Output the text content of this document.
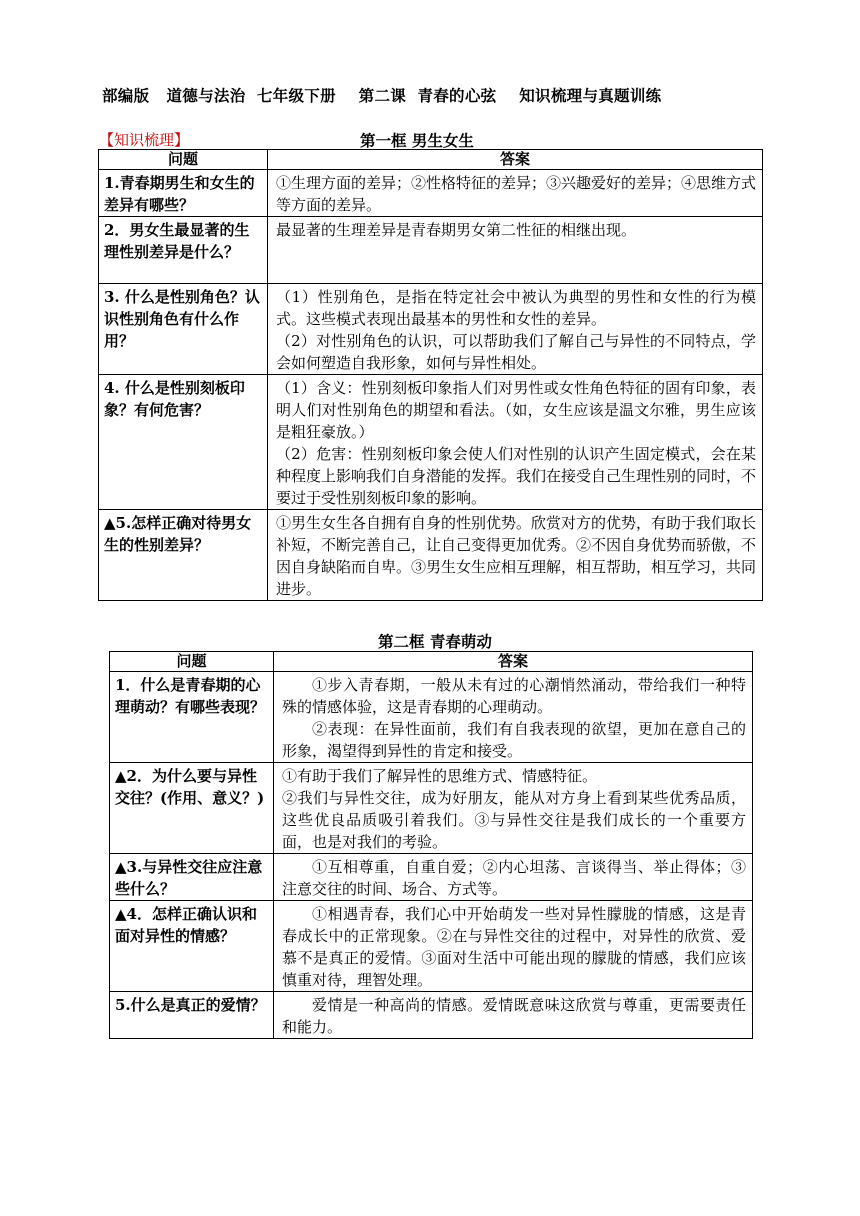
部编版   道德与法治  七年级下册    第二课  青春的心弦    知识梳理与真题训练
【知识梳理】	第一框 男生女生
问题	答案
1.青春期男生和女生的差异有哪些？	①生理方面的差异；②性格特征的差异；③兴趣爱好的差异；④思维方式等方面的差异。

2．男女生最显著的生理性别差异是什么？	最显著的生理差异是青春期男女第二性征的相继出现。

3. 什么是性别角色？认识性别角色有什么作用？	（1）性别角色，是指在特定社会中被认为典型的男性和女性的行为模式。这些模式表现出最基本的男性和女性的差异。

（2）对性别角色的认识，可以帮助我们了解自己与异性的不同特点，学会如何塑造自我形象，如何与异性相处。

4. 什么是性别刻板印象？有何危害？	（1）含义：性别刻板印象指人们对男性或女性角色特征的固有印象，表明人们对性别角色的期望和看法。（如，女生应该是温文尔雅，男生应该是粗狂豪放。）

（2）危害：性别刻板印象会使人们对性别的认识产生固定模式，会在某种程度上影响我们自身潜能的发挥。我们在接受自己生理性别的同时，不要过于受性别刻板印象的影响。

▲5.怎样正确对待男女生的性别差异？	①男生女生各自拥有自身的性别优势。欣赏对方的优势，有助于我们取长补短，不断完善自己，让自己变得更加优秀。②不因自身优势而骄傲，不因自身缺陷而自卑。③男生女生应相互理解，相互帮助，相互学习，共同进步。

第二框 青春萌动
问题	答案
1．什么是青春期的心理萌动？有哪些表现？	①步入青春期，一般从未有过的心潮悄然涌动，带给我们一种特殊的情感体验，这是青春期的心理萌动。

②表现：在异性面前，我们有自我表现的欲望，更加在意自己的形象，渴望得到异性的肯定和接受。

▲2．为什么要与异性交往？(作用、意义？)	①有助于我们了解异性的思维方式、情感特征。

②我们与异性交往，成为好朋友，能从对方身上看到某些优秀品质，这些优良品质吸引着我们。③与异性交往是我们成长的一个重要方面，也是对我们的考验。

▲3.与异性交往应注意些什么？	①互相尊重，自重自爱；②内心坦荡、言谈得当、举止得体；③注意交往的时间、场合、方式等。

▲4．怎样正确认识和面对异性的情感？	①相遇青春，我们心中开始萌发一些对异性朦胧的情感，这是青春成长中的正常现象。②在与异性交往的过程中，对异性的欣赏、爱慕不是真正的爱情。③面对生活中可能出现的朦胧的情感，我们应该慎重对待，理智处理。

5.什么是真正的爱情？	爱情是一种高尚的情感。爱情既意味这欣赏与尊重，更需要责任和能力。
